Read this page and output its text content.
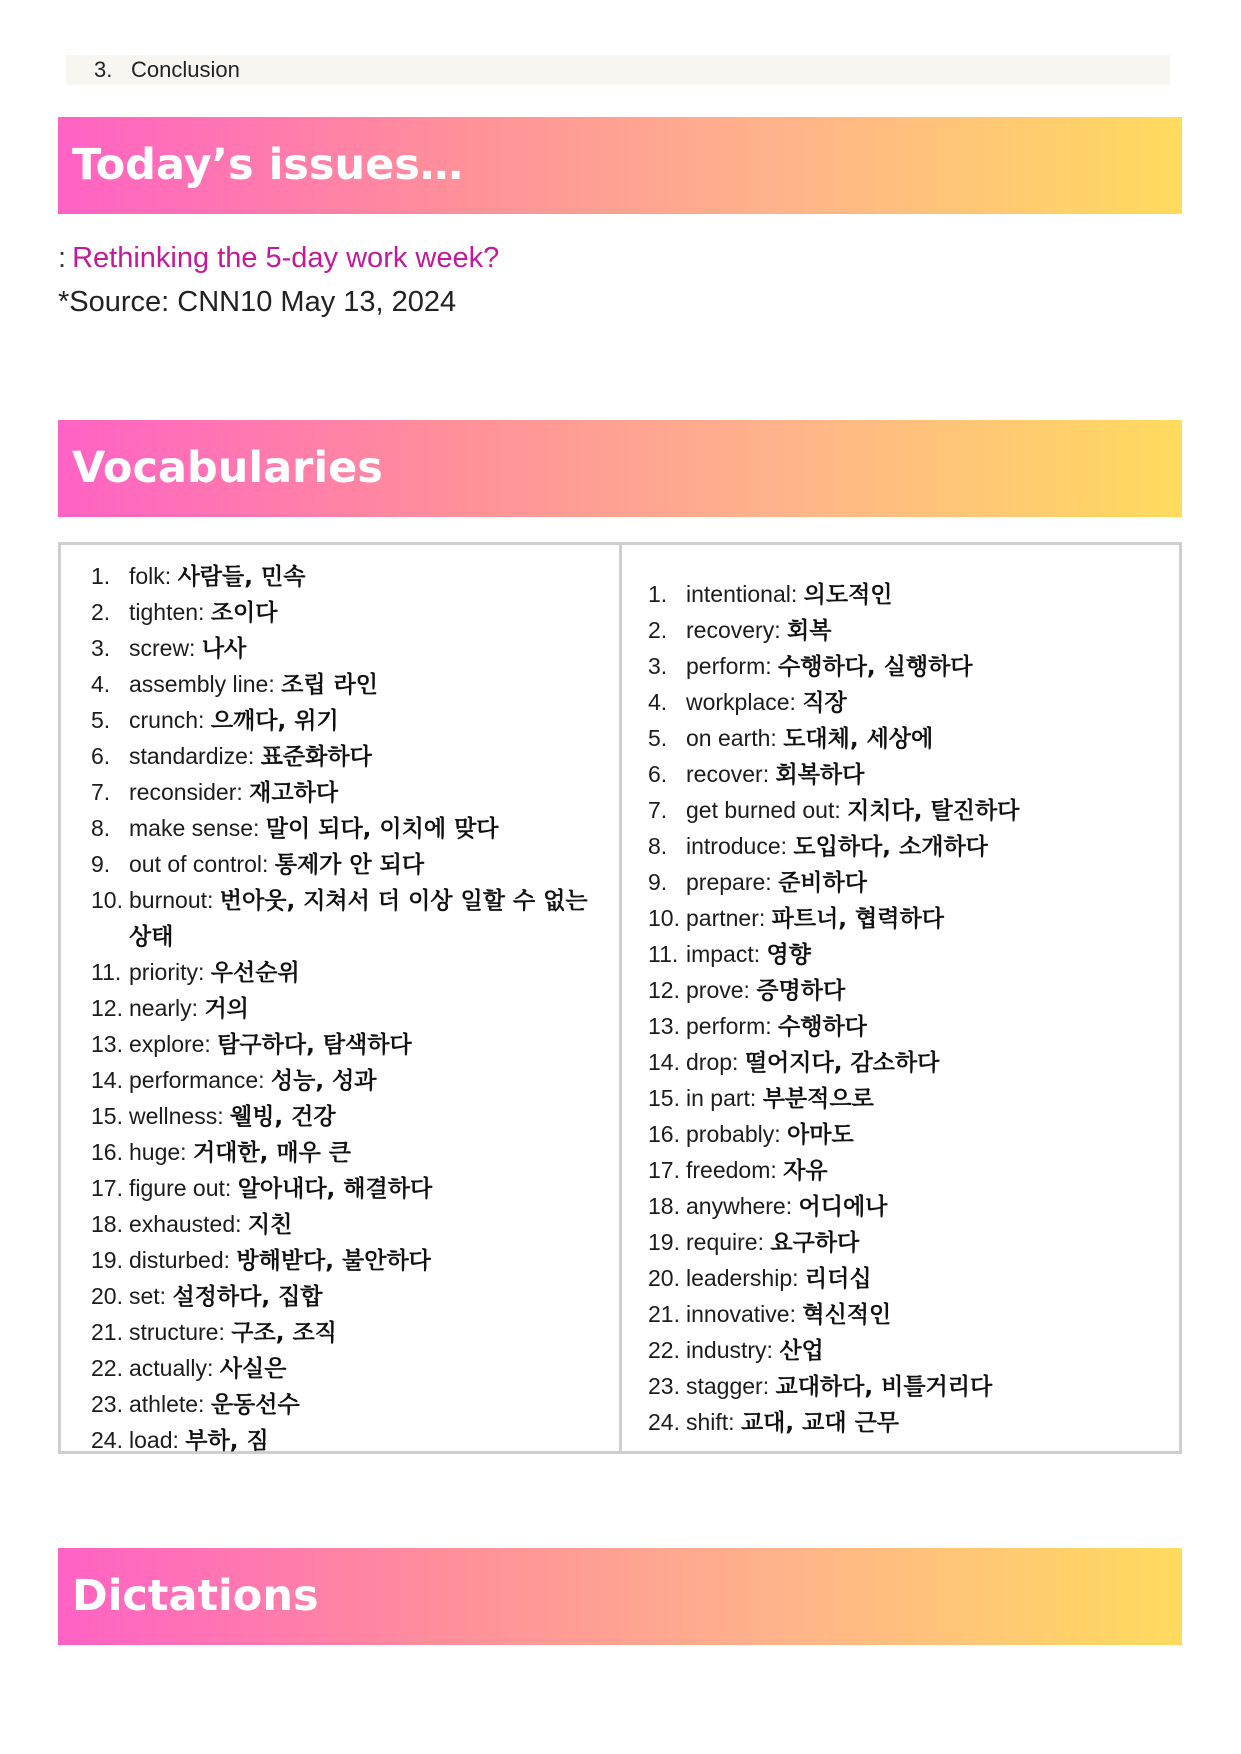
3. Conclusion
Today’s issues…
: Rethinking the 5-day work week?
*Source: CNN10 May 13, 2024
Vocabularies
1. folk: 사람들, 민속
2. tighten: 조이다
3. screw: 나사
4. assembly line: 조립 라인
5. crunch: 으깨다, 위기
6. standardize: 표준화하다
7. reconsider: 재고하다
8. make sense: 말이 되다, 이치에 맞다
9. out of control: 통제가 안 되다
10. burnout: 번아웃, 지쳐서 더 이상 일할 수 없는 상태
11. priority: 우선순위
12. nearly: 거의
13. explore: 탐구하다, 탐색하다
14. performance: 성능, 성과
15. wellness: 웰빙, 건강
16. huge: 거대한, 매우 큰
17. figure out: 알아내다, 해결하다
18. exhausted: 지친
19. disturbed: 방해받다, 불안하다
20. set: 설정하다, 집합
21. structure: 구조, 조직
22. actually: 사실은
23. athlete: 운동선수
24. load: 부하, 짐
1. intentional: 의도적인
2. recovery: 회복
3. perform: 수행하다, 실행하다
4. workplace: 직장
5. on earth: 도대체, 세상에
6. recover: 회복하다
7. get burned out: 지치다, 탈진하다
8. introduce: 도입하다, 소개하다
9. prepare: 준비하다
10. partner: 파트너, 협력하다
11. impact: 영향
12. prove: 증명하다
13. perform: 수행하다
14. drop: 떨어지다, 감소하다
15. in part: 부분적으로
16. probably: 아마도
17. freedom: 자유
18. anywhere: 어디에나
19. require: 요구하다
20. leadership: 리더십
21. innovative: 혁신적인
22. industry: 산업
23. stagger: 교대하다, 비틀거리다
24. shift: 교대, 교대 근무
Dictations
